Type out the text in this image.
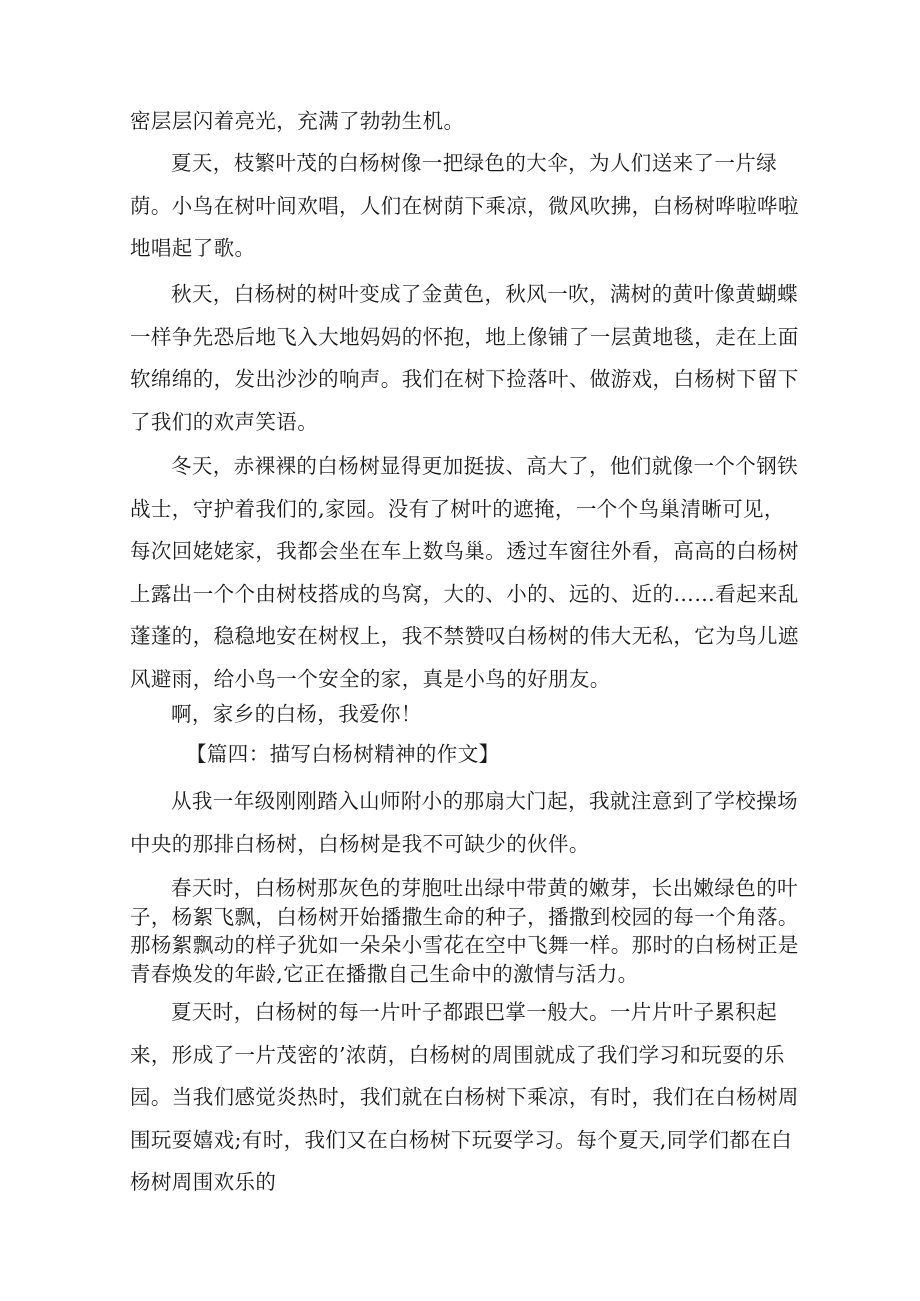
密层层闪着亮光，充满了勃勃生机。

夏天，枝繁叶茂的白杨树像一把绿色的大伞，为人们送来了一片绿荫。小鸟在树叶间欢唱，人们在树荫下乘凉，微风吹拂，白杨树哗啦哗啦地唱起了歌。

秋天，白杨树的树叶变成了金黄色，秋风一吹，满树的黄叶像黄蝴蝶一样争先恐后地飞入大地妈妈的怀抱，地上像铺了一层黄地毯，走在上面软绵绵的，发出沙沙的响声。我们在树下捡落叶、做游戏，白杨树下留下了我们的欢声笑语。

冬天，赤裸裸的白杨树显得更加挺拔、高大了，他们就像一个个钢铁战士，守护着我们的,家园。没有了树叶的遮掩，一个个鸟巢清晰可见，每次回姥姥家，我都会坐在车上数鸟巢。透过车窗往外看，高高的白杨树上露出一个个由树枝搭成的鸟窝，大的、小的、远的、近的……看起来乱蓬蓬的，稳稳地安在树杈上，我不禁赞叹白杨树的伟大无私，它为鸟儿遮风避雨，给小鸟一个安全的家，真是小鸟的好朋友。

啊，家乡的白杨，我爱你！

【篇四：描写白杨树精神的作文】

从我一年级刚刚踏入山师附小的那扇大门起，我就注意到了学校操场中央的那排白杨树，白杨树是我不可缺少的伙伴。

春天时，白杨树那灰色的芽胞吐出绿中带黄的嫩芽，长出嫩绿色的叶子，杨絮飞飘，白杨树开始播撒生命的种子，播撒到校园的每一个角落。那杨絮飘动的样子犹如一朵朵小雪花在空中飞舞一样。那时的白杨树正是青春焕发的年龄,它正在播撒自己生命中的激情与活力。

夏天时，白杨树的每一片叶子都跟巴掌一般大。一片片叶子累积起来，形成了一片茂密的’浓荫，白杨树的周围就成了我们学习和玩耍的乐园。当我们感觉炎热时，我们就在白杨树下乘凉，有时，我们在白杨树周围玩耍嬉戏;有时，我们又在白杨树下玩耍学习。每个夏天,同学们都在白杨树周围欢乐的
